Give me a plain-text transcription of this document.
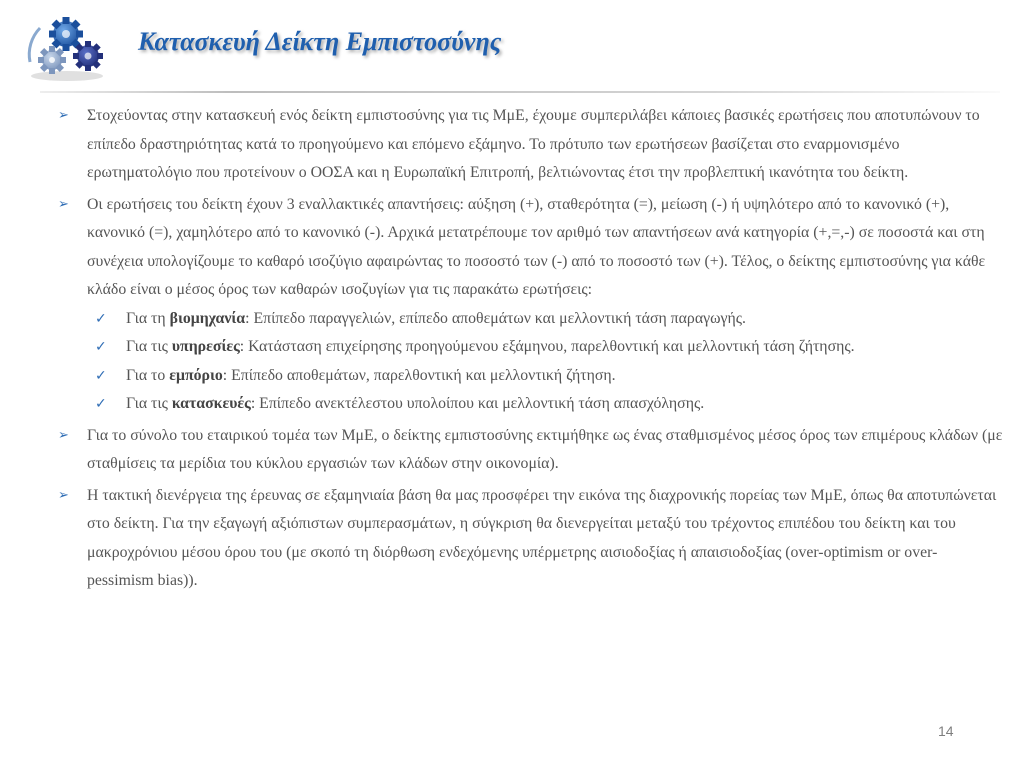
Κατασκευή Δείκτη Εμπιστοσύνης

➢ Στοχεύοντας στην κατασκευή ενός δείκτη εμπιστοσύνης για τις ΜμΕ, έχουμε συμπεριλάβει κάποιες βασικές ερωτήσεις που αποτυπώνουν το επίπεδο δραστηριότητας κατά το προηγούμενο και επόμενο εξάμηνο. Το πρότυπο των ερωτήσεων βασίζεται στο εναρμονισμένο ερωτηματολόγιο που προτείνουν ο ΟΟΣΑ και η Ευρωπαϊκή Επιτροπή, βελτιώνοντας έτσι την προβλεπτική ικανότητα του δείκτη.

➢ Οι ερωτήσεις του δείκτη έχουν 3 εναλλακτικές απαντήσεις: αύξηση (+), σταθερότητα (=), μείωση (-) ή υψηλότερο από το κανονικό (+), κανονικό (=), χαμηλότερο από το κανονικό (-). Αρχικά μετατρέπουμε τον αριθμό των απαντήσεων ανά κατηγορία (+,=,-) σε ποσοστά και στη συνέχεια υπολογίζουμε το καθαρό ισοζύγιο αφαιρώντας το ποσοστό των (-) από το ποσοστό των (+). Τέλος, ο δείκτης εμπιστοσύνης για κάθε κλάδο είναι ο μέσος όρος των καθαρών ισοζυγίων για τις παρακάτω ερωτήσεις:

✓ Για τη βιομηχανία: Επίπεδο παραγγελιών, επίπεδο αποθεμάτων και μελλοντική τάση παραγωγής.

✓ Για τις υπηρεσίες: Κατάσταση επιχείρησης προηγούμενου εξάμηνου, παρελθοντική και μελλοντική τάση ζήτησης.

✓ Για το εμπόριο: Επίπεδο αποθεμάτων, παρελθοντική και μελλοντική ζήτηση.

✓ Για τις κατασκευές: Επίπεδο ανεκτέλεστου υπολοίπου και μελλοντική τάση απασχόλησης.

➢ Για το σύνολο του εταιρικού τομέα των ΜμΕ, ο δείκτης εμπιστοσύνης εκτιμήθηκε ως ένας σταθμισμένος μέσος όρος των επιμέρους κλάδων (με σταθμίσεις τα μερίδια του κύκλου εργασιών των κλάδων στην οικονομία).

➢ Η τακτική διενέργεια της έρευνας σε εξαμηνιαία βάση θα μας προσφέρει την εικόνα της διαχρονικής πορείας των ΜμΕ, όπως θα αποτυπώνεται στο δείκτη. Για την εξαγωγή αξιόπιστων συμπερασμάτων, η σύγκριση θα διενεργείται μεταξύ του τρέχοντος επιπέδου του δείκτη και του μακροχρόνιου μέσου όρου του (με σκοπό τη διόρθωση ενδεχόμενης υπέρμετρης αισιοδοξίας ή απαισιοδοξίας (over-optimism or over-pessimism bias)).

14
